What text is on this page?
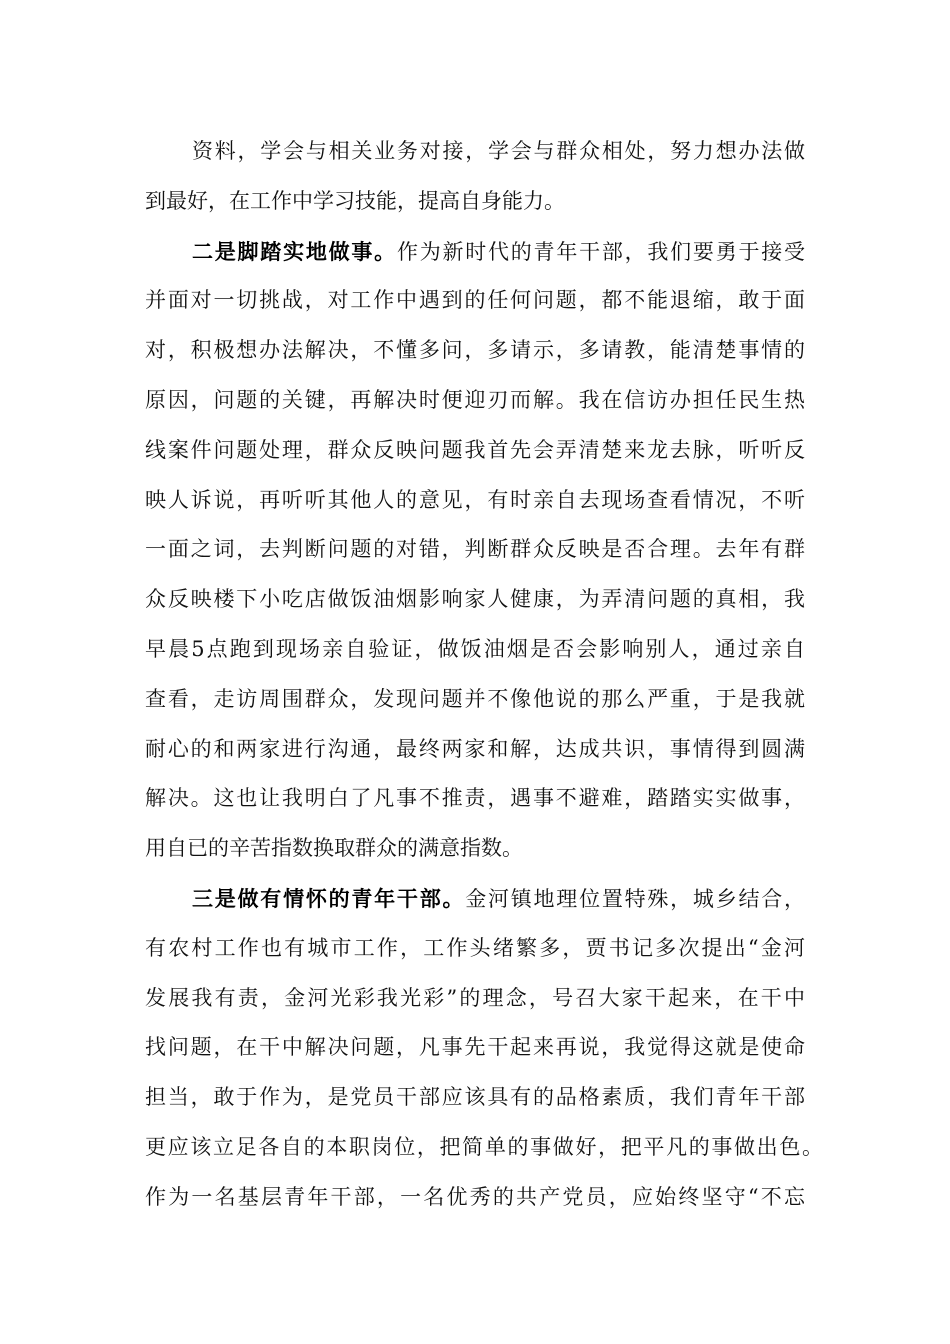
资料，学会与相关业务对接，学会与群众相处，努力想办法做
到最好，在工作中学习技能，提高自身能力。
二是脚踏实地做事。作为新时代的青年干部，我们要勇于接受
并面对一切挑战，对工作中遇到的任何问题，都不能退缩，敢于面
对，积极想办法解决，不懂多问，多请示，多请教，能清楚事情的
原因，问题的关键，再解决时便迎刃而解。我在信访办担任民生热
线案件问题处理，群众反映问题我首先会弄清楚来龙去脉，听听反
映人诉说，再听听其他人的意见，有时亲自去现场查看情况，不听
一面之词，去判断问题的对错，判断群众反映是否合理。去年有群
众反映楼下小吃店做饭油烟影响家人健康，为弄清问题的真相，我
早晨5点跑到现场亲自验证，做饭油烟是否会影响别人，通过亲自
查看，走访周围群众，发现问题并不像他说的那么严重，于是我就
耐心的和两家进行沟通，最终两家和解，达成共识，事情得到圆满
解决。这也让我明白了凡事不推责，遇事不避难，踏踏实实做事，
用自已的辛苦指数换取群众的满意指数。
三是做有情怀的青年干部。金河镇地理位置特殊，城乡结合，
有农村工作也有城市工作，工作头绪繁多，贾书记多次提出“金河
发展我有责，金河光彩我光彩”的理念，号召大家干起来，在干中
找问题，在干中解决问题，凡事先干起来再说，我觉得这就是使命
担当，敢于作为，是党员干部应该具有的品格素质，我们青年干部
更应该立足各自的本职岗位，把简单的事做好，把平凡的事做出色。
作为一名基层青年干部，一名优秀的共产党员，应始终坚守“不忘
